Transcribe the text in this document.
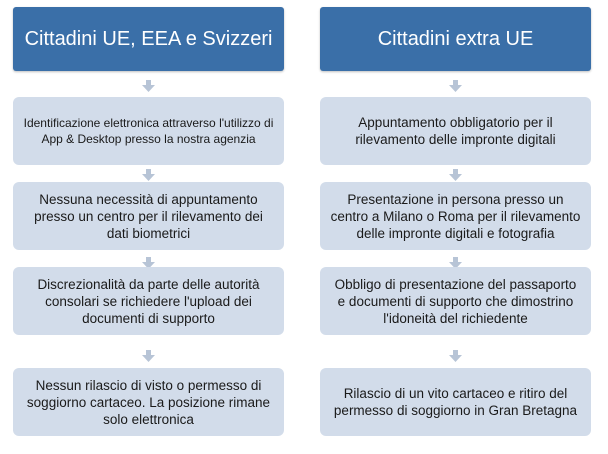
Cittadini UE, EEA e Svizzeri
Identificazione elettronica attraverso l'utilizzo di App & Desktop presso la nostra agenzia
Nessuna necessità di appuntamento presso un centro per il rilevamento dei dati biometrici
Discrezionalità da parte delle autorità consolari se richiedere l'upload dei documenti di supporto
Nessun rilascio di visto o permesso di soggiorno cartaceo. La posizione rimane solo elettronica
Cittadini extra UE
Appuntamento obbligatorio per il rilevamento delle impronte digitali
Presentazione in persona presso un centro a Milano o Roma per il rilevamento delle impronte digitali e fotografia
Obbligo di presentazione del passaporto e documenti di supporto che dimostrino l'idoneità del richiedente
Rilascio di un vito cartaceo e ritiro del permesso di soggiorno in Gran Bretagna
